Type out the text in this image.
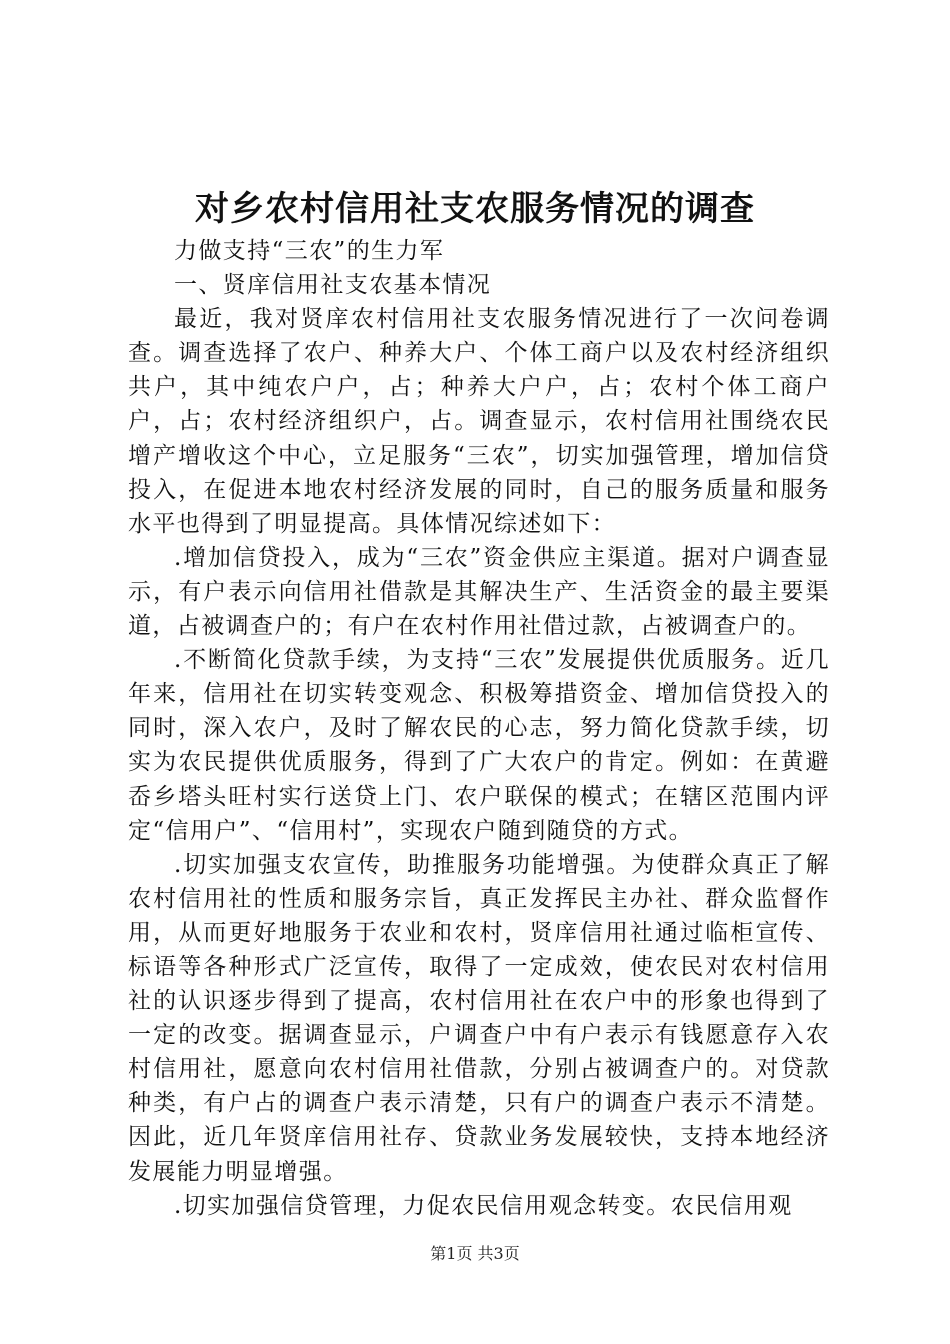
对乡农村信用社支农服务情况的调查

力做支持“三农”的生力军

一、贤庠信用社支农基本情况

最近，我对贤庠农村信用社支农服务情况进行了一次问卷调查。调查选择了农户、种养大户、个体工商户以及农村经济组织共户，其中纯农户户，占；种养大户户，占；农村个体工商户户，占；农村经济组织户，占。调查显示，农村信用社围绕农民增产增收这个中心，立足服务“三农”，切实加强管理，增加信贷投入，在促进本地农村经济发展的同时，自己的服务质量和服务水平也得到了明显提高。具体情况综述如下：

.增加信贷投入，成为“三农”资金供应主渠道。据对户调查显示，有户表示向信用社借款是其解决生产、生活资金的最主要渠道，占被调查户的；有户在农村作用社借过款，占被调查户的。

.不断简化贷款手续，为支持“三农”发展提供优质服务。近几年来，信用社在切实转变观念、积极筹措资金、增加信贷投入的同时，深入农户，及时了解农民的心志，努力简化贷款手续，切实为农民提供优质服务，得到了广大农户的肯定。例如：在黄避岙乡塔头旺村实行送贷上门、农户联保的模式；在辖区范围内评定“信用户”、“信用村”，实现农户随到随贷的方式。

.切实加强支农宣传，助推服务功能增强。为使群众真正了解农村信用社的性质和服务宗旨，真正发挥民主办社、群众监督作用，从而更好地服务于农业和农村，贤庠信用社通过临柜宣传、标语等各种形式广泛宣传，取得了一定成效，使农民对农村信用社的认识逐步得到了提高，农村信用社在农户中的形象也得到了一定的改变。据调查显示，户调查户中有户表示有钱愿意存入农村信用社，愿意向农村信用社借款，分别占被调查户的。对贷款种类，有户占的调查户表示清楚，只有户的调查户表示不清楚。因此，近几年贤庠信用社存、贷款业务发展较快，支持本地经济发展能力明显增强。

.切实加强信贷管理，力促农民信用观念转变。农民信用观

第1页 共3页
